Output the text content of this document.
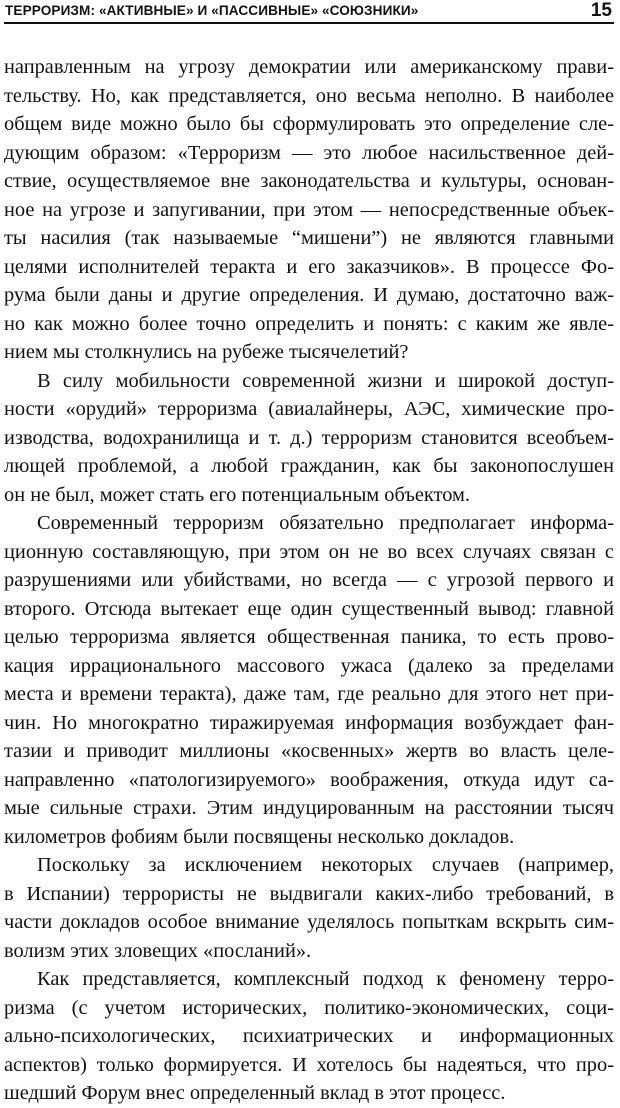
ТЕРРОРИЗМ: «АКТИВНЫЕ» И «ПАССИВНЫЕ» «СОЮЗНИКИ»	15
направленным на угрозу демократии или американскому прави-
тельству. Но, как представляется, оно весьма неполно. В наиболее
общем виде можно было бы сформулировать это определение сле-
дующим образом: «Терроризм — это любое насильственное дей-
ствие, осуществляемое вне законодательства и культуры, основан-
ное на угрозе и запугивании, при этом — непосредственные объек-
ты насилия (так называемые “мишени”) не являются главными
целями исполнителей теракта и его заказчиков». В процессе Фо-
рума были даны и другие определения. И думаю, достаточно важ-
но как можно более точно определить и понять: с каким же явле-
нием мы столкнулись на рубеже тысячелетий?
В силу мобильности современной жизни и широкой доступ-
ности «орудий» терроризма (авиалайнеры, АЭС, химические про-
изводства, водохранилища и т. д.) терроризм становится всеобъем-
лющей проблемой, а любой гражданин, как бы законопослушен
он не был, может стать его потенциальным объектом.
Современный терроризм обязательно предполагает информа-
ционную составляющую, при этом он не во всех случаях связан с
разрушениями или убийствами, но всегда — с угрозой первого и
второго. Отсюда вытекает еще один существенный вывод: главной
целью терроризма является общественная паника, то есть прово-
кация иррационального массового ужаса (далеко за пределами
места и времени теракта), даже там, где реально для этого нет при-
чин. Но многократно тиражируемая информация возбуждает фан-
тазии и приводит миллионы «косвенных» жертв во власть целе-
направленно «патологизируемого» воображения, откуда идут са-
мые сильные страхи. Этим индуцированным на расстоянии тысяч
километров фобиям были посвящены несколько докладов.
Поскольку за исключением некоторых случаев (например,
в Испании) террористы не выдвигали каких-либо требований, в
части докладов особое внимание уделялось попыткам вскрыть сим-
волизм этих зловещих «посланий».
Как представляется, комплексный подход к феномену терро-
ризма (с учетом исторических, политико-экономических, соци-
ально-психологических, психиатрических и информационных
аспектов) только формируется. И хотелось бы надеяться, что про-
шедший Форум внес определенный вклад в этот процесс.
